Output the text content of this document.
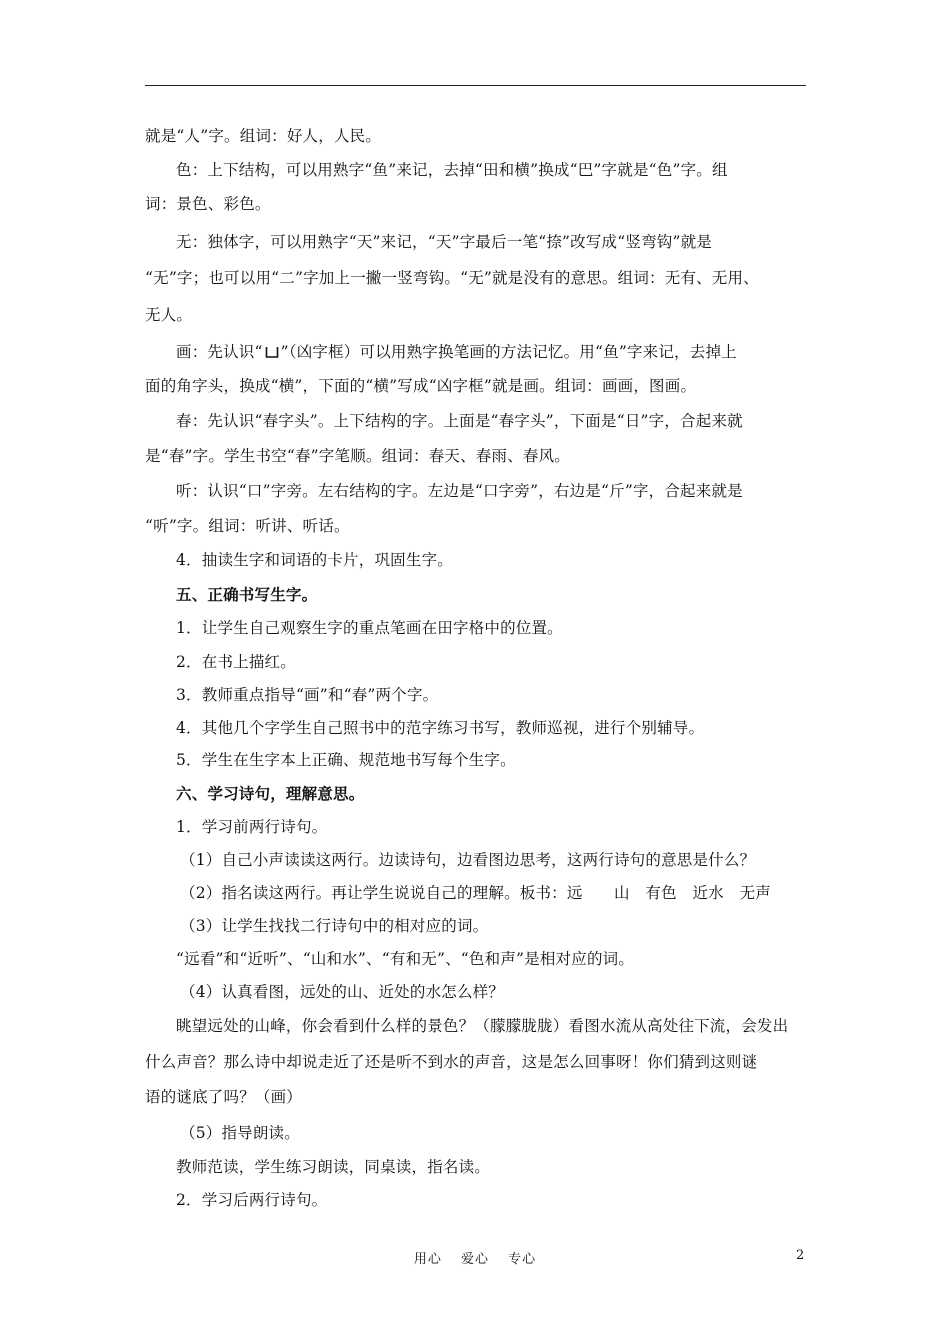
就是“人”字。组词：好人，人民。
色：上下结构，可以用熟字“鱼”来记，去掉“田和横”换成“巴”字就是“色”字。组
词：景色、彩色。
无：独体字，可以用熟字“天”来记，“天”字最后一笔“捺”改写成“竖弯钩”就是
“无”字；也可以用“二”字加上一撇一竖弯钩。“无”就是没有的意思。组词：无有、无用、
无人。
画：先认识“ ”（凶字框）可以用熟字换笔画的方法记忆。用“鱼”字来记，去掉上
面的角字头，换成“横”，下面的“横”写成“凶字框”就是画。组词：画画，图画。
春：先认识“春字头”。上下结构的字。上面是“春字头”，下面是“日”字，合起来就
是“春”字。学生书空“春”字笔顺。组词：春天、春雨、春风。
听：认识“口”字旁。左右结构的字。左边是“口字旁”，右边是“斤”字，合起来就是
“听”字。组词：听讲、听话。
4．抽读生字和词语的卡片，巩固生字。
五、正确书写生字。
1．让学生自己观察生字的重点笔画在田字格中的位置。
2．在书上描红。
3．教师重点指导“画”和“春”两个字。
4．其他几个字学生自己照书中的范字练习书写，教师巡视，进行个别辅导。
5．学生在生字本上正确、规范地书写每个生字。
六、学习诗句，理解意思。
1．学习前两行诗句。
（1）自己小声读读这两行。边读诗句，边看图边思考，这两行诗句的意思是什么？
（2）指名读这两行。再让学生说说自己的理解。板书：远　　山　有色　近水　无声
（3）让学生找找二行诗句中的相对应的词。
“远看”和“近听”、“山和水”、“有和无”、“色和声”是相对应的词。
（4）认真看图，远处的山、近处的水怎么样？
眺望远处的山峰，你会看到什么样的景色？（朦朦胧胧）看图水流从高处往下流，会发出
什么声音？那么诗中却说走近了还是听不到水的声音，这是怎么回事呀！你们猜到这则谜
语的谜底了吗？（画）
（5）指导朗读。
教师范读，学生练习朗读，同桌读，指名读。
2．学习后两行诗句。
用心 爱心 专心	2
